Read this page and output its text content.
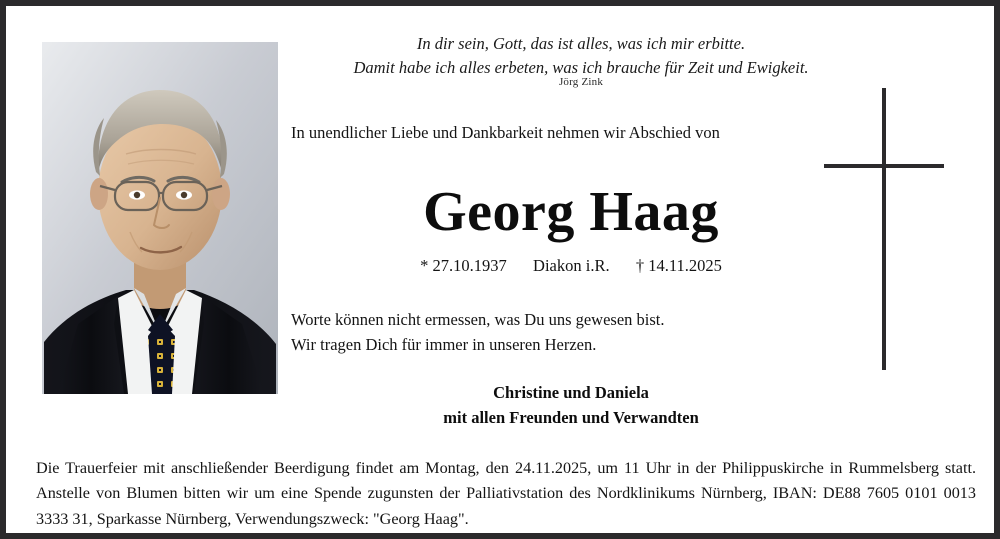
In dir sein, Gott, das ist alles, was ich mir erbitte.
Damit habe ich alles erbeten, was ich brauche für Zeit und Ewigkeit.
Jörg Zink
In unendlicher Liebe und Dankbarkeit nehmen wir Abschied von
Georg Haag
* 27.10.1937 Diakon i.R. † 14.11.2025
Worte können nicht ermessen, was Du uns gewesen bist.
Wir tragen Dich für immer in unseren Herzen.
Christine und Daniela
mit allen Freunden und Verwandten
Die Trauerfeier mit anschließender Beerdigung findet am Montag, den 24.11.2025, um 11 Uhr in der Philippuskirche in Rummelsberg statt. Anstelle von Blumen bitten wir um eine Spende zugunsten der Palliativstation des Nordklinikums Nürnberg, IBAN: DE88 7605 0101 0013 3333 31, Sparkasse Nürnberg, Verwendungszweck: "Georg Haag".
